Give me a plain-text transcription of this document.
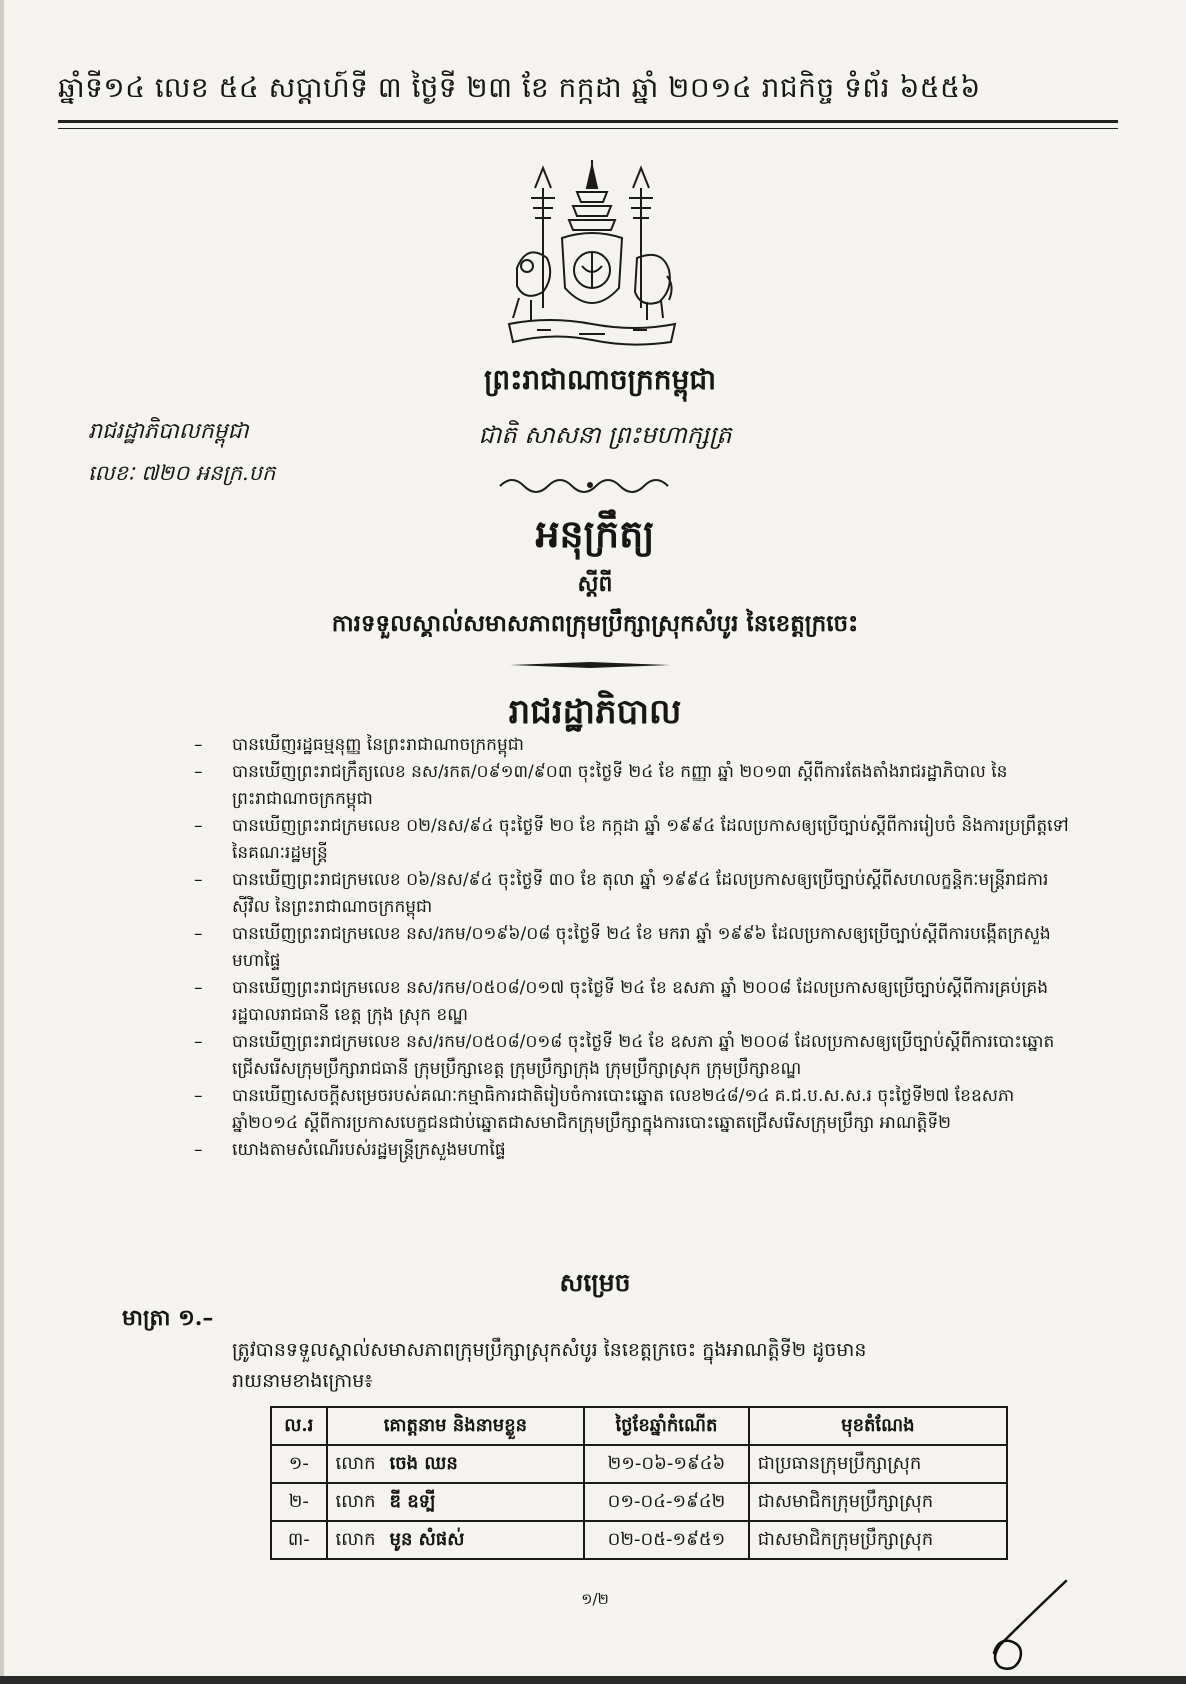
ឆ្នាំទី១៤ លេខ ៥៤ សប្តាហ៍ទី ៣ ថ្ងៃទី ២៣ ខែ កក្កដា ឆ្នាំ ២០១៤ រាជកិច្ច ទំព័រ ៦៥៥៦
ព្រះរាជាណាចក្រកម្ពុជា
ជាតិ សាសនា ព្រះមហាក្សត្រ
រាជរដ្ឋាភិបាលកម្ពុជា
លេខៈ ៧២០ អនក្រ.បក
អនុក្រឹត្យ
ស្តីពី
ការទទួលស្គាល់សមាសភាពក្រុមប្រឹក្សាស្រុកសំបូរ នៃខេត្តក្រចេះ
រាជរដ្ឋាភិបាល
– បានឃើញរដ្ឋធម្មនុញ្ញ នៃព្រះរាជាណាចក្រកម្ពុជា
– បានឃើញព្រះរាជក្រឹត្យលេខ នស/រកត/០៩១៣/៩០៣ ចុះថ្ងៃទី ២៤ ខែ កញ្ញា ឆ្នាំ ២០១៣ ស្តីពីការតែងតាំងរាជរដ្ឋាភិបាល នៃព្រះរាជាណាចក្រកម្ពុជា
– បានឃើញព្រះរាជក្រមលេខ ០២/នស/៩៤ ចុះថ្ងៃទី ២០ ខែ កក្កដា ឆ្នាំ ១៩៩៤ ដែលប្រកាសឲ្យប្រើច្បាប់ស្តីពីការរៀបចំ និងការប្រព្រឹត្តទៅ នៃគណៈរដ្ឋមន្ត្រី
– បានឃើញព្រះរាជក្រមលេខ ០៦/នស/៩៤ ចុះថ្ងៃទី ៣០ ខែ តុលា ឆ្នាំ ១៩៩៤ ដែលប្រកាសឲ្យប្រើច្បាប់ស្តីពីសហលក្ខន្តិកៈមន្ត្រីរាជការស៊ីវិល នៃព្រះរាជាណាចក្រកម្ពុជា
– បានឃើញព្រះរាជក្រមលេខ នស/រកម/០១៩៦/០៨ ចុះថ្ងៃទី ២៤ ខែ មករា ឆ្នាំ ១៩៩៦ ដែលប្រកាសឲ្យប្រើច្បាប់ស្តីពីការបង្កើតក្រសួងមហាផ្ទៃ
– បានឃើញព្រះរាជក្រមលេខ នស/រកម/០៥០៨/០១៧ ចុះថ្ងៃទី ២៤ ខែ ឧសភា ឆ្នាំ ២០០៨ ដែលប្រកាសឲ្យប្រើច្បាប់ស្តីពីការគ្រប់គ្រងរដ្ឋបាលរាជធានី ខេត្ត ក្រុង ស្រុក ខណ្ឌ
– បានឃើញព្រះរាជក្រមលេខ នស/រកម/០៥០៨/០១៨ ចុះថ្ងៃទី ២៤ ខែ ឧសភា ឆ្នាំ ២០០៨ ដែលប្រកាសឲ្យប្រើច្បាប់ស្តីពីការបោះឆ្នោតជ្រើសរើសក្រុមប្រឹក្សារាជធានី ក្រុមប្រឹក្សាខេត្ត ក្រុមប្រឹក្សាក្រុង ក្រុមប្រឹក្សាស្រុក ក្រុមប្រឹក្សាខណ្ឌ
– បានឃើញសេចក្តីសម្រេចរបស់គណៈកម្មាធិការជាតិរៀបចំការបោះឆ្នោត លេខ២៤៨/១៤ គ.ជ.ប.ស.ស.រ ចុះថ្ងៃទី២៧ ខែឧសភា ឆ្នាំ២០១៤ ស្តីពីការប្រកាសបេក្ខជនជាប់ឆ្នោតជាសមាជិកក្រុមប្រឹក្សាក្នុងការបោះឆ្នោតជ្រើសរើសក្រុមប្រឹក្សា អាណត្តិទី២
– យោងតាមសំណើរបស់រដ្ឋមន្ត្រីក្រសួងមហាផ្ទៃ
សម្រេច
មាត្រា ១.–
ត្រូវបានទទួលស្គាល់សមាសភាពក្រុមប្រឹក្សាស្រុកសំបូរ នៃខេត្តក្រចេះ ក្នុងអាណត្តិទី២ ដូចមាន
រាយនាមខាងក្រោម៖
ល.រ	គោត្តនាម និងនាមខ្លួន	ថ្ងៃខែឆ្នាំកំណើត	មុខតំណែង
១-	លោក ចេង ឈន	២១-០៦-១៩៤៦	ជាប្រធានក្រុមប្រឹក្សាស្រុក
២-	លោក ឌី ឧទ្បី	០១-០៤-១៩៤២	ជាសមាជិកក្រុមប្រឹក្សាស្រុក
៣-	លោក មូន សំផស់	០២-០៥-១៩៥១	ជាសមាជិកក្រុមប្រឹក្សាស្រុក
១/២
